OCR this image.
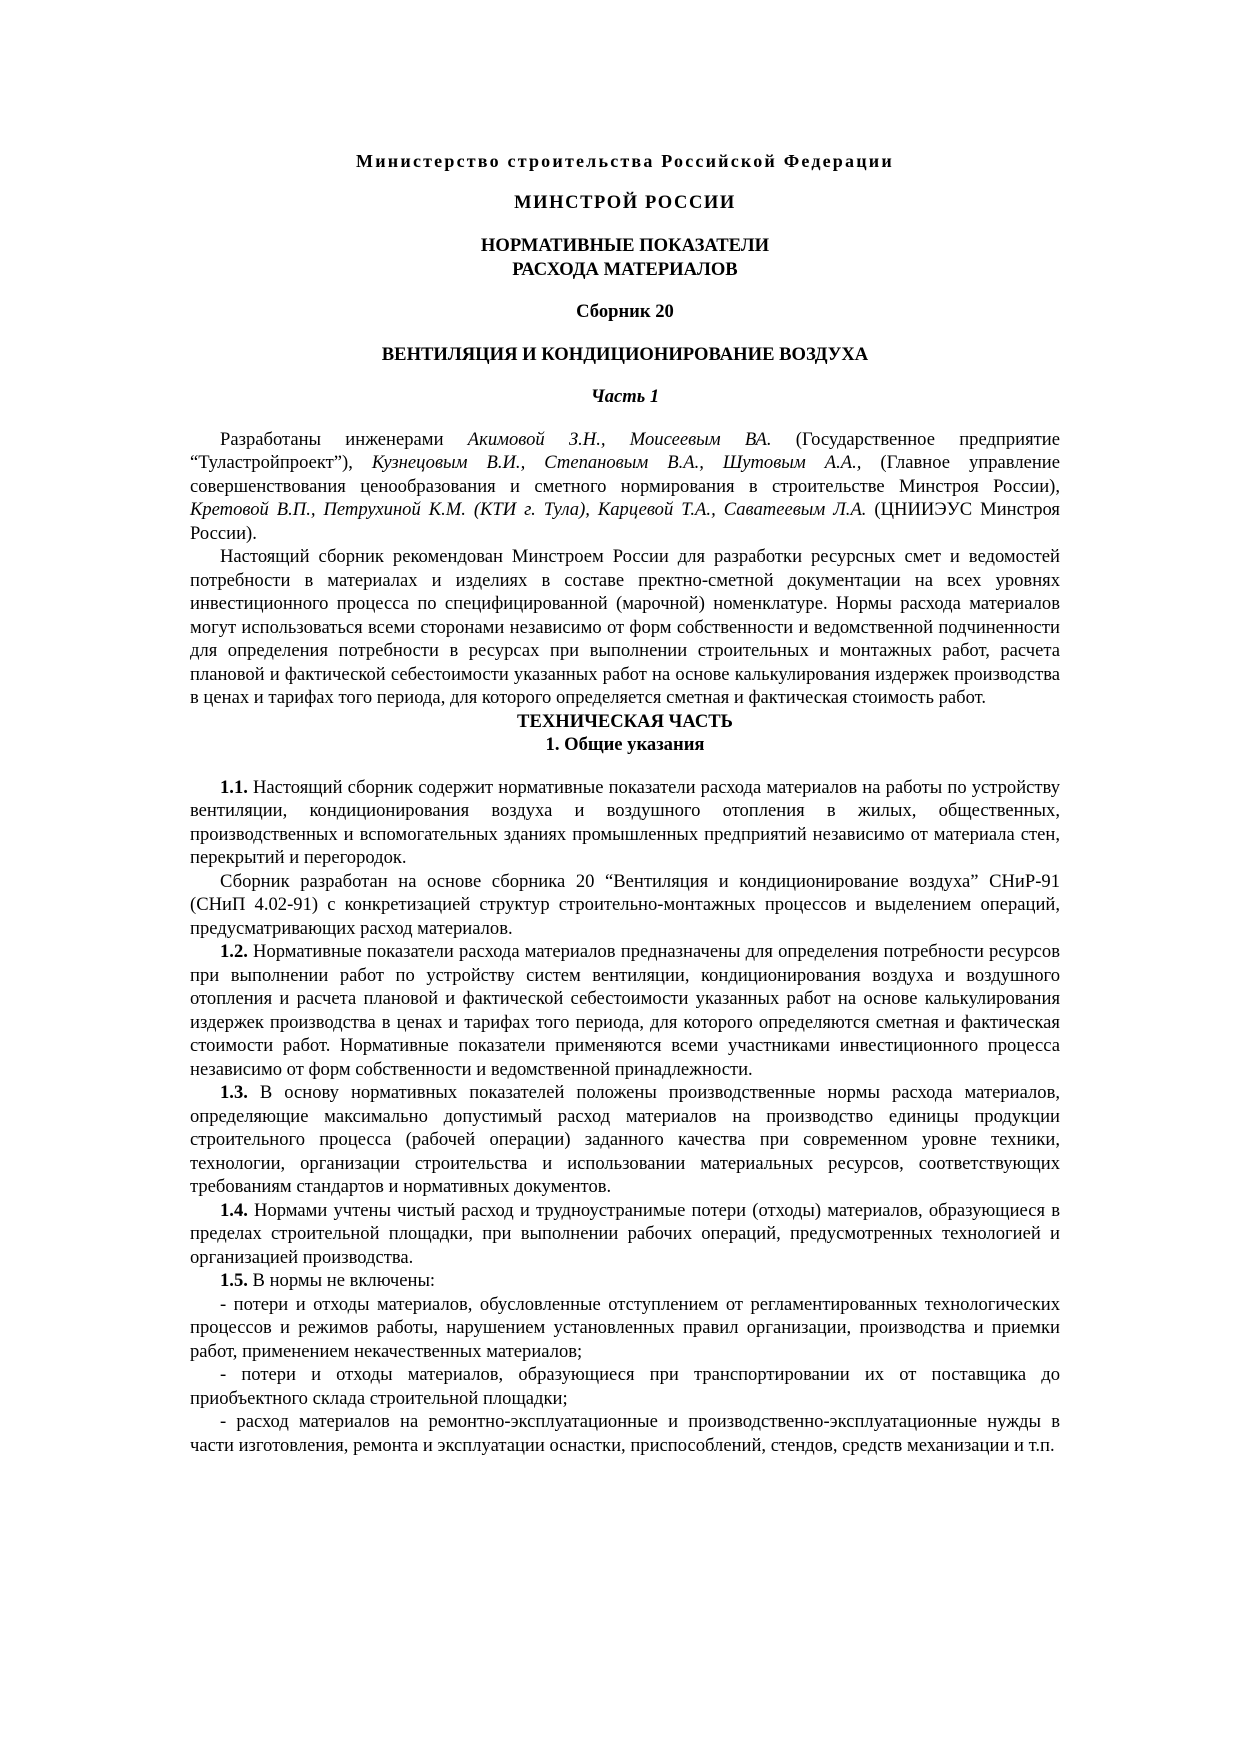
Министерство строительства Российской Федерации

МИНСТРОЙ РОССИИ

НОРМАТИВНЫЕ ПОКАЗАТЕЛИ
РАСХОДА МАТЕРИАЛОВ

Сборник 20

ВЕНТИЛЯЦИЯ И КОНДИЦИОНИРОВАНИЕ ВОЗДУХА

Часть 1

Разработаны инженерами Акимовой З.Н., Моисеевым ВА. (Государственное предприятие “Туластройпроект”), Кузнецовым В.И., Степановым В.А., Шутовым А.А., (Главное управление совершенствования ценообразования и сметного нормирования в строительстве Минстроя России), Кретовой В.П., Петрухиной К.М. (КТИ г. Тула), Карцевой Т.А., Саватеевым Л.А. (ЦНИИЭУС Минстроя России).

Настоящий сборник рекомендован Минстроем России для разработки ресурсных смет и ведомостей потребности в материалах и изделиях в составе пректно-сметной документации на всех уровнях инвестиционного процесса по специфицированной (марочной) номенклатуре. Нормы расхода материалов могут использоваться всеми сторонами независимо от форм собственности и ведомственной подчиненности для определения потребности в ресурсах при выполнении строительных и монтажных работ, расчета плановой и фактической себестоимости указанных работ на основе калькулирования издержек производства в ценах и тарифах того периода, для которого определяется сметная и фактическая стоимость работ.

ТЕХНИЧЕСКАЯ ЧАСТЬ

1. Общие указания

1.1. Настоящий сборник содержит нормативные показатели расхода материалов на работы по устройству вентиляции, кондиционирования воздуха и воздушного отопления в жилых, общественных, производственных и вспомогательных зданиях промышленных предприятий независимо от материала стен, перекрытий и перегородок.

Сборник разработан на основе сборника 20 “Вентиляция и кондиционирование воздуха” СНиР-91 (СНиП 4.02-91) с конкретизацией структур строительно-монтажных процессов и выделением операций, предусматривающих расход материалов.

1.2. Нормативные показатели расхода материалов предназначены для определения потребности ресурсов при выполнении работ по устройству систем вентиляции, кондиционирования воздуха и воздушного отопления и расчета плановой и фактической себестоимости указанных работ на основе калькулирования издержек производства в ценах и тарифах того периода, для которого определяются сметная и фактическая стоимости работ. Нормативные показатели применяются всеми участниками инвестиционного процесса независимо от форм собственности и ведомственной принадлежности.

1.3. В основу нормативных показателей положены производственные нормы расхода материалов, определяющие максимально допустимый расход материалов на производство единицы продукции строительного процесса (рабочей операции) заданного качества при современном уровне техники, технологии, организации строительства и использовании материальных ресурсов, соответствующих требованиям стандартов и нормативных документов.

1.4. Нормами учтены чистый расход и трудноустранимые потери (отходы) материалов, образующиеся в пределах строительной площадки, при выполнении рабочих операций, предусмотренных технологией и организацией производства.

1.5. В нормы не включены:

- потери и отходы материалов, обусловленные отступлением от регламентированных технологических процессов и режимов работы, нарушением установленных правил организации, производства и приемки работ, применением некачественных материалов;

- потери и отходы материалов, образующиеся при транспортировании их от поставщика до приобъектного склада строительной площадки;

- расход материалов на ремонтно-эксплуатационные и производственно-эксплуатационные нужды в части изготовления, ремонта и эксплуатации оснастки, приспособлений, стендов, средств механизации и т.п.
